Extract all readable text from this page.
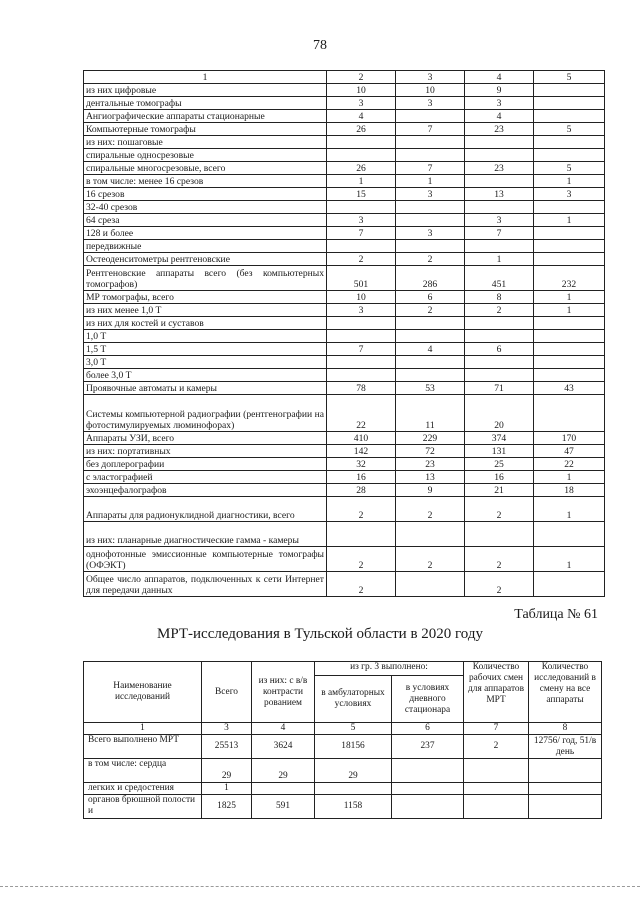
78
1	2	3	4	5
из них цифровые	10	10	9	
дентальные томографы	3	3	3	
Ангиографические аппараты стационарные	4		4	
Компьютерные томографы	26	7	23	5
из них: пошаговые				
спиральные односрезовые				
спиральные многосрезовые, всего	26	7	23	5
в том числе: менее 16 срезов	1	1		1
16 срезов	15	3	13	3
32-40 срезов				
64 среза	3		3	1
128 и более	7	3	7	
передвижные				
Остеоденситометры рентгеновские	2	2	1	
Рентгеновские аппараты всего (без компьютерных томографов)	501	286	451	232
МР томографы, всего	10	6	8	1
из них менее 1,0 Т	3	2	2	1
из них для костей и суставов				
1,0 Т				
1,5 Т	7	4	6	
3,0 Т				
более 3,0 Т				
Проявочные автоматы и камеры	78	53	71	43
Системы компьютерной радиографии (рентгенографии на фотостимулируемых люминофорах)	22	11	20	
Аппараты УЗИ, всего	410	229	374	170
из них: портативных	142	72	131	47
без доплерографии	32	23	25	22
с эластографией	16	13	16	1
эхоэнцефалографов	28	9	21	18
Аппараты для радионуклидной диагностики, всего	2	2	2	1
из них: планарные диагностические гамма - камеры				
однофотонные эмиссионные компьютерные томографы (ОФЭКТ)	2	2	2	1
Общее число аппаратов, подключенных к сети Интернет для передачи данных	2		2	
Таблица № 61
МРТ-исследования в Тульской области в 2020 году
Наименование исследований	Всего	из них: с в/в контрасти рованием	из гр. 3 выполнено:		Количество рабочих смен для аппаратов МРТ	Количество исследований в смену на все аппараты
			в амбулаторных условиях	в условиях дневного стационара		
1	3	4	5	6	7	8
Всего выполнено МРТ	25513	3624	18156	237	2	12756/ год, 51/в день
в том числе: сердца	29	29	29			
легких и средостения	1					
органов брюшной полости и	1825	591	1158			
